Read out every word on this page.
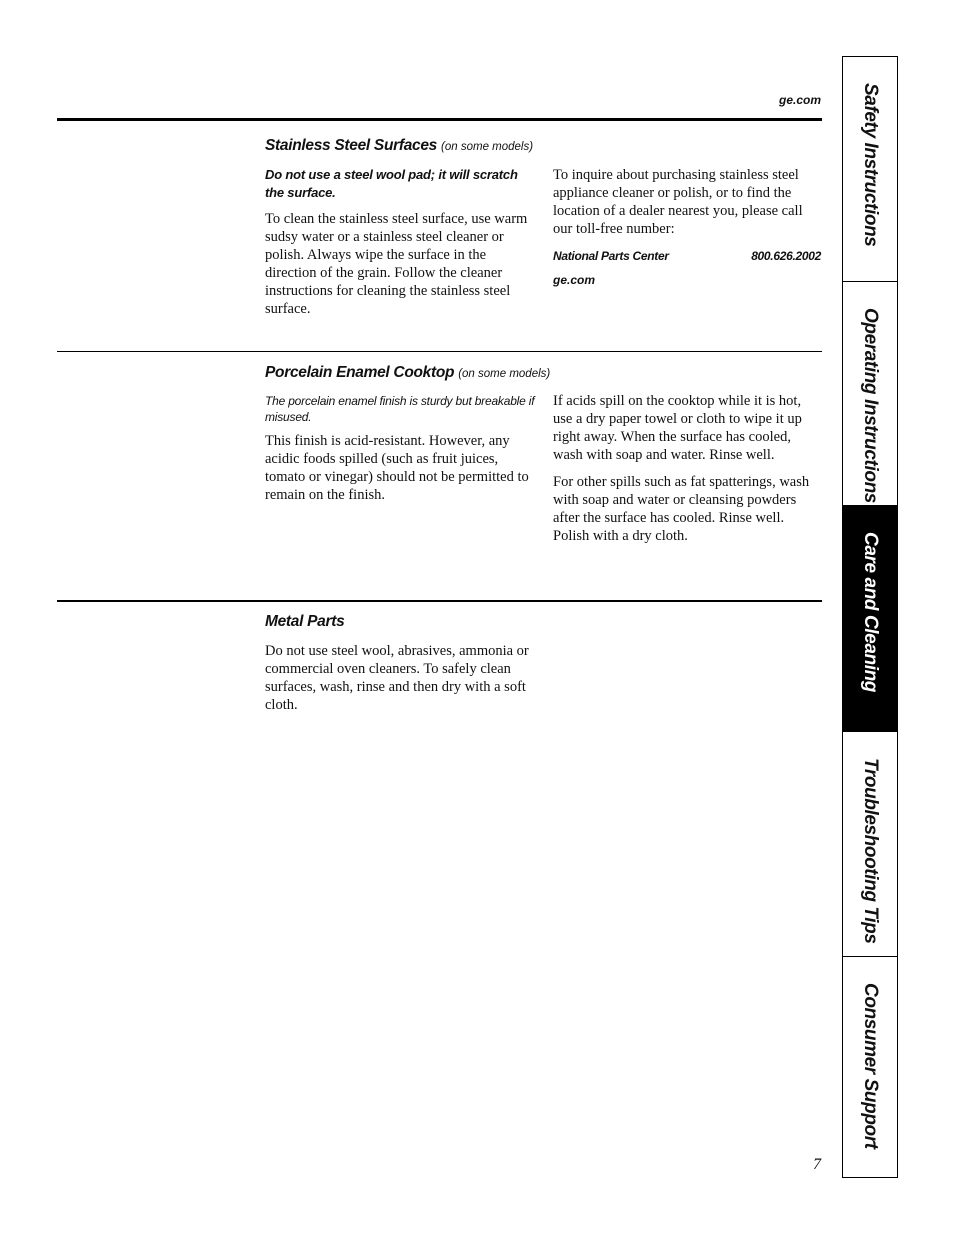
ge.com
Stainless Steel Surfaces (on some models)

Do not use a steel wool pad; it will scratch the surface.

To clean the stainless steel surface, use warm sudsy water or a stainless steel cleaner or polish. Always wipe the surface in the direction of the grain. Follow the cleaner instructions for cleaning the stainless steel surface.

To inquire about purchasing stainless steel appliance cleaner or polish, or to find the location of a dealer nearest you, please call our toll-free number:

National Parts Center	800.626.2002
ge.com
Porcelain Enamel Cooktop (on some models)

The porcelain enamel finish is sturdy but breakable if misused.

This finish is acid-resistant. However, any acidic foods spilled (such as fruit juices, tomato or vinegar) should not be permitted to remain on the finish.

If acids spill on the cooktop while it is hot, use a dry paper towel or cloth to wipe it up right away. When the surface has cooled, wash with soap and water. Rinse well.

For other spills such as fat spatterings, wash with soap and water or cleansing powders after the surface has cooled. Rinse well. Polish with a dry cloth.

Metal Parts

Do not use steel wool, abrasives, ammonia or commercial oven cleaners. To safely clean surfaces, wash, rinse and then dry with a soft cloth.

Safety Instructions
Operating Instructions
Care and Cleaning
Troubleshooting Tips
Consumer Support
7
